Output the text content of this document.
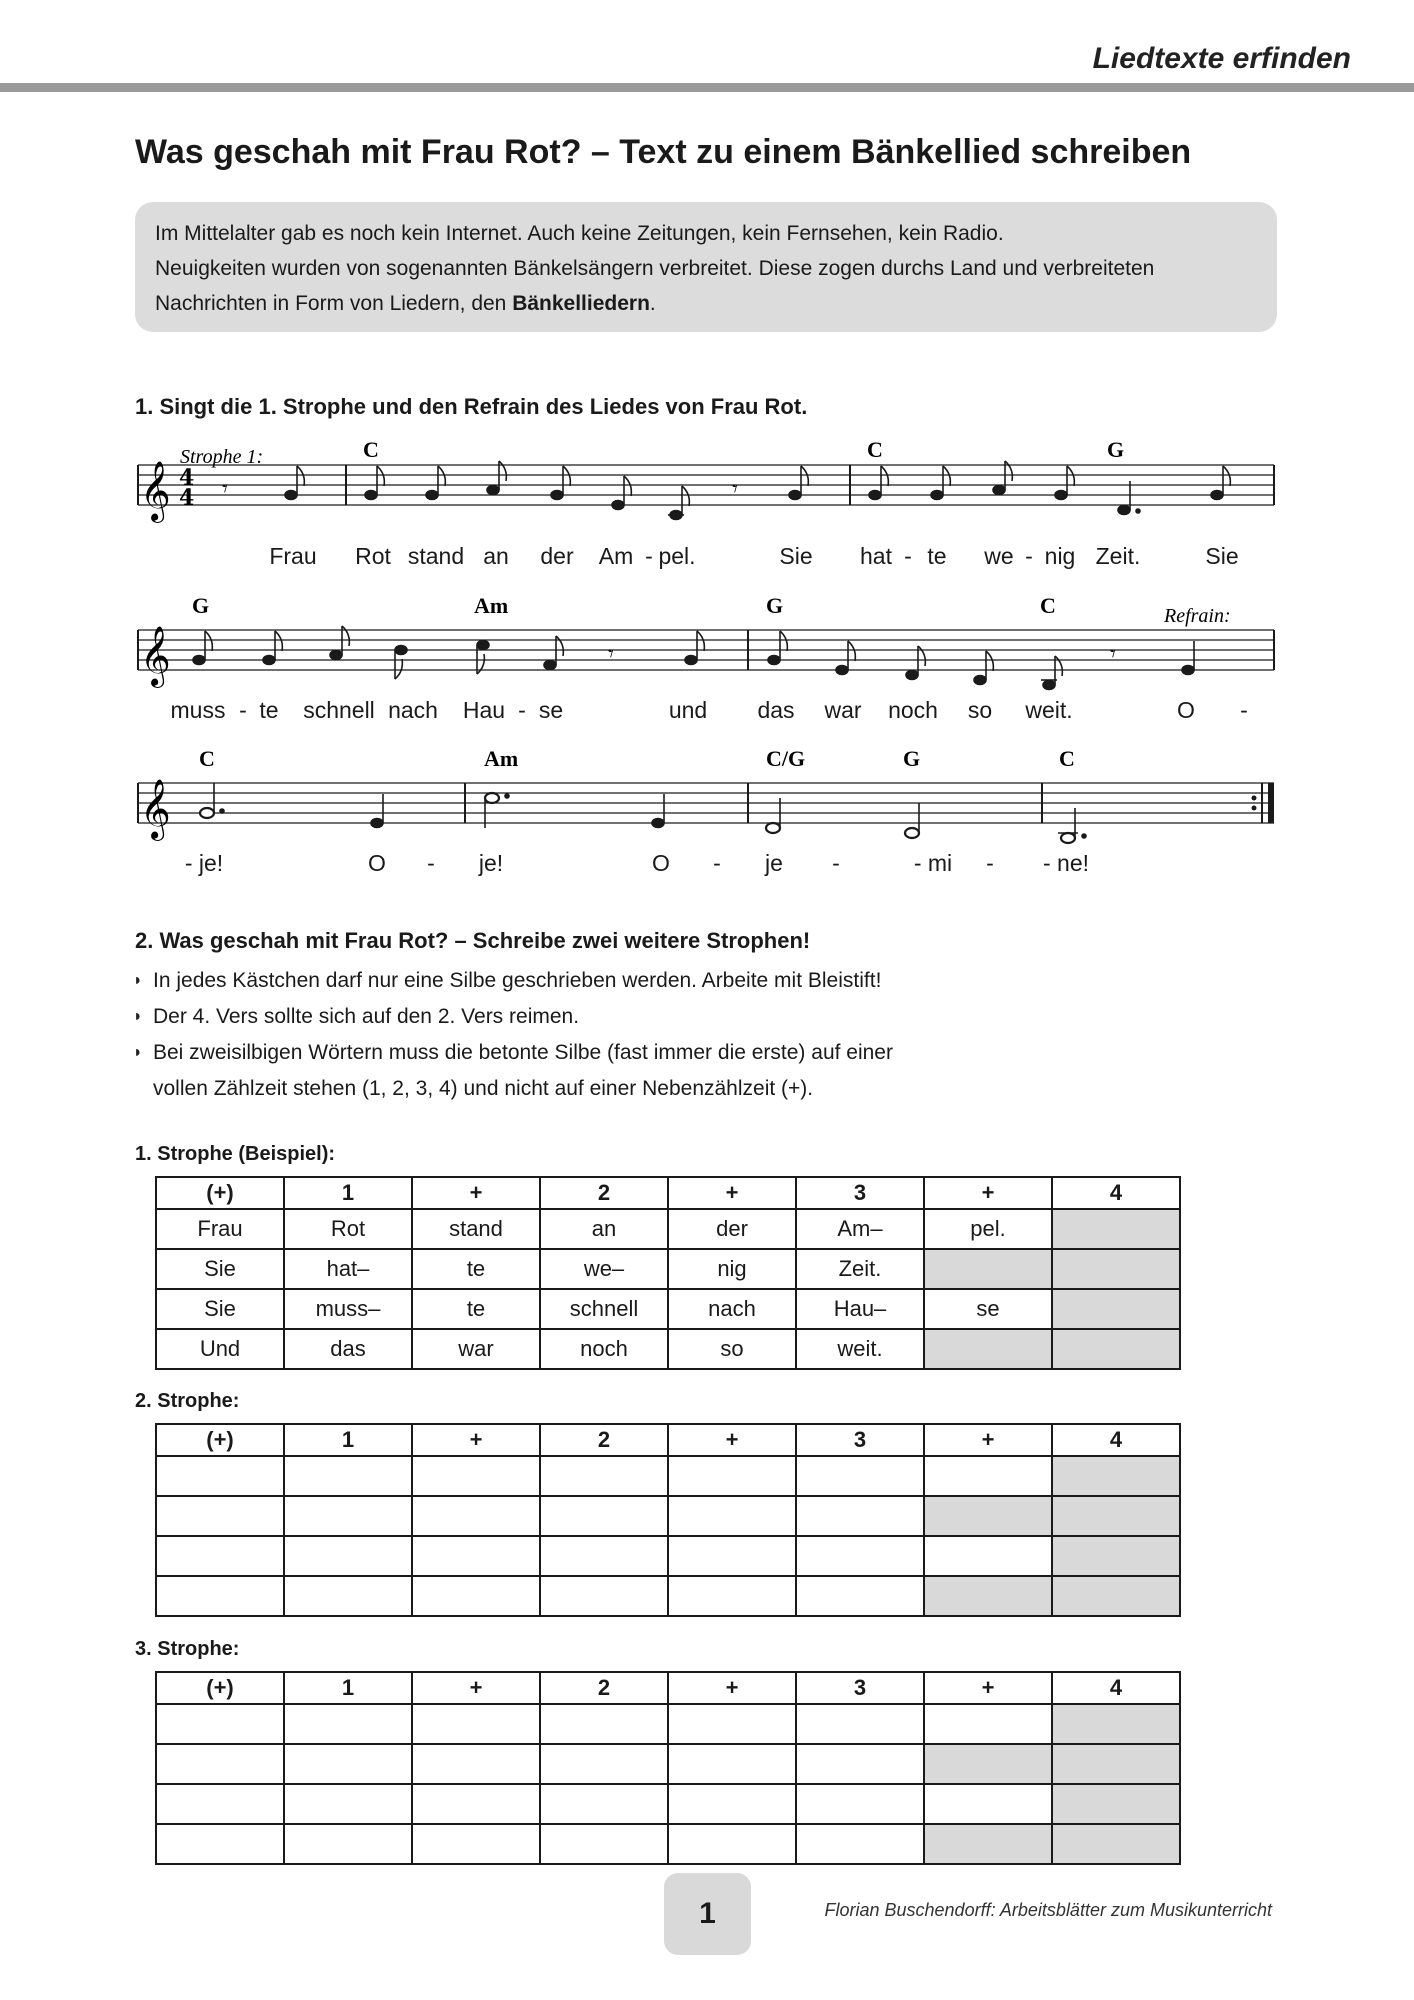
Liedtexte erfinden
Was geschah mit Frau Rot? – Text zu einem Bänkellied schreiben
Im Mittelalter gab es noch kein Internet. Auch keine Zeitungen, kein Fernsehen, kein Radio.
Neuigkeiten wurden von sogenannten Bänkelsängern verbreitet. Diese zogen durchs Land und verbreiteten
Nachrichten in Form von Liedern, den Bänkelliedern.
1. Singt die 1. Strophe und den Refrain des Liedes von Frau Rot.
𝄞 4
4
Strophe 1:	C	C	G
𝄾	𝄾
Frau Rot stand an der Am - pel.	Sie hat - te we - nig Zeit.	Sie
𝄞
G	Am	G	C	Refrain:
𝄾	𝄾
muss - te schnell nach Hau - se	und das war noch so weit.	O -
𝄞
C	Am	C/G	G	C
- je!	O - je!	O - je -	- mi - - ne!
2. Was geschah mit Frau Rot? – Schreibe zwei weitere Strophen!
◗ In jedes Kästchen darf nur eine Silbe geschrieben werden. Arbeite mit Bleistift!
◗ Der 4. Vers sollte sich auf den 2. Vers reimen.
◗ Bei zweisilbigen Wörtern muss die betonte Silbe (fast immer die erste) auf einer
vollen Zählzeit stehen (1, 2, 3, 4) und nicht auf einer Nebenzählzeit (+).
1. Strophe (Beispiel):
(+)	1	+	2	+	3	+	4
Frau	Rot	stand	an	der	Am–	pel.	
Sie	hat–	te	we–	nig	Zeit.		
Sie	muss–	te	schnell	nach	Hau–	se	
Und	das	war	noch	so	weit.		
2. Strophe:
(+)	1	+	2	+	3	+	4

3. Strophe:
(+)	1	+	2	+	3	+	4

1	Florian Buschendorff: Arbeitsblätter zum Musikunterricht
